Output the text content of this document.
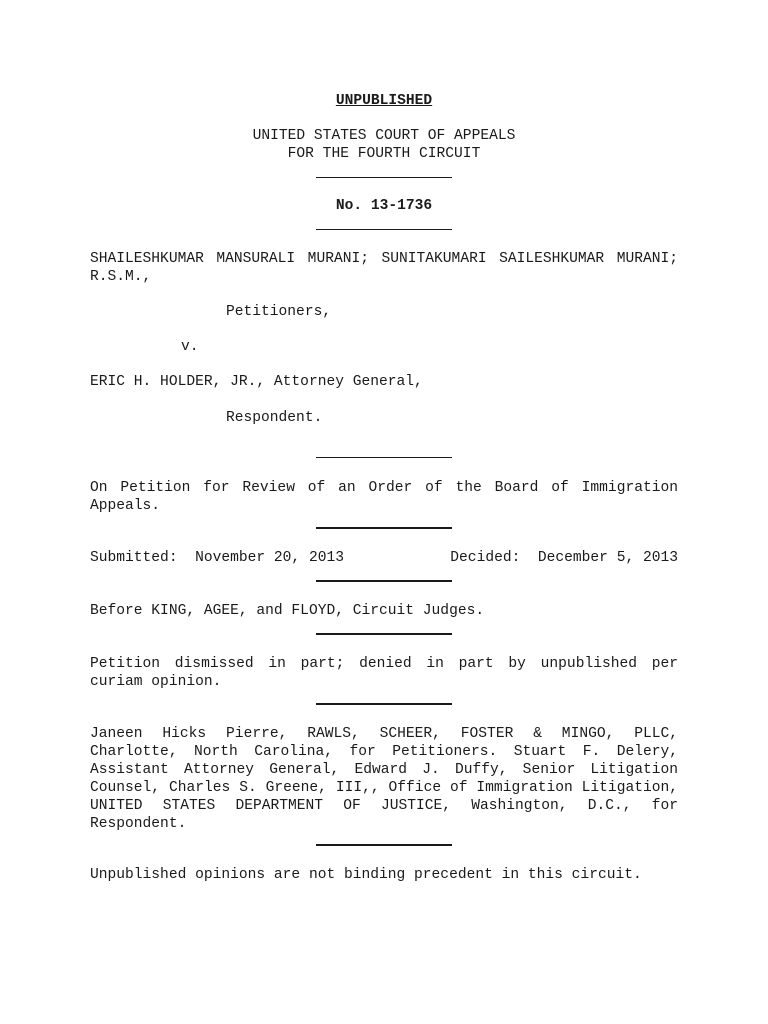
UNPUBLISHED
UNITED STATES COURT OF APPEALS
FOR THE FOURTH CIRCUIT
No. 13-1736
SHAILESHKUMAR MANSURALI MURANI; SUNITAKUMARI SAILESHKUMAR MURANI; R.S.M.,
Petitioners,
v.
ERIC H. HOLDER, JR., Attorney General,
Respondent.
On Petition for Review of an Order of the Board of Immigration Appeals.
Submitted:  November 20, 2013	Decided:  December 5, 2013
Before KING, AGEE, and FLOYD, Circuit Judges.
Petition dismissed in part; denied in part by unpublished per curiam opinion.
Janeen Hicks Pierre, RAWLS, SCHEER, FOSTER & MINGO, PLLC, Charlotte, North Carolina, for Petitioners. Stuart F. Delery, Assistant Attorney General, Edward J. Duffy, Senior Litigation Counsel, Charles S. Greene, III,, Office of Immigration Litigation, UNITED STATES DEPARTMENT OF JUSTICE, Washington, D.C., for Respondent.
Unpublished opinions are not binding precedent in this circuit.
